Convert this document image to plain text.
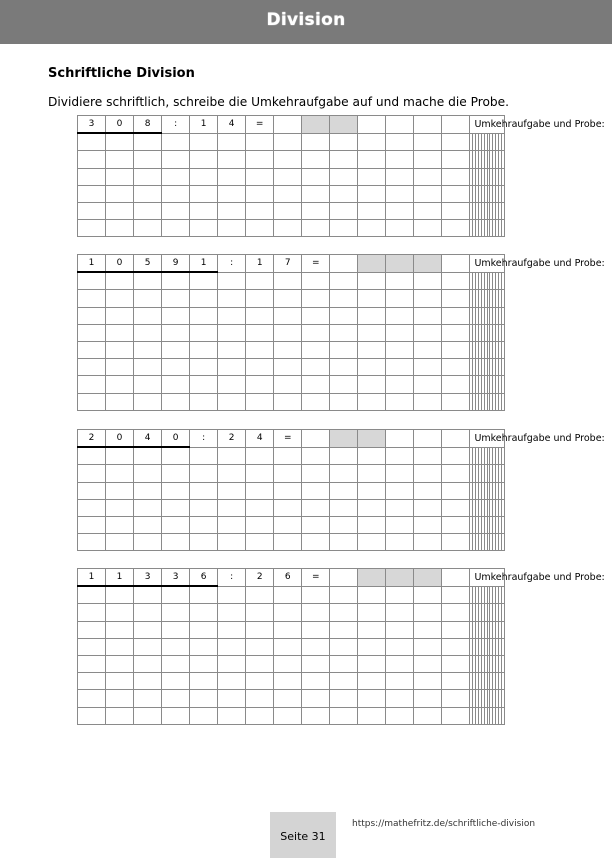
Division
Schriftliche Division
Dividiere schriftlich, schreibe die Umkehraufgabe auf und mache die Probe.
3	0	8	:	1	4	=								Umkehraufgabe und Probe:											

1	0	5	9	1	:	1	7	=						Umkehraufgabe und Probe:											

2	0	4	0	:	2	4	=							Umkehraufgabe und Probe:											

1	1	3	3	6	:	2	6	=						Umkehraufgabe und Probe:											

Seite 31
https://mathefritz.de/schriftliche-division
